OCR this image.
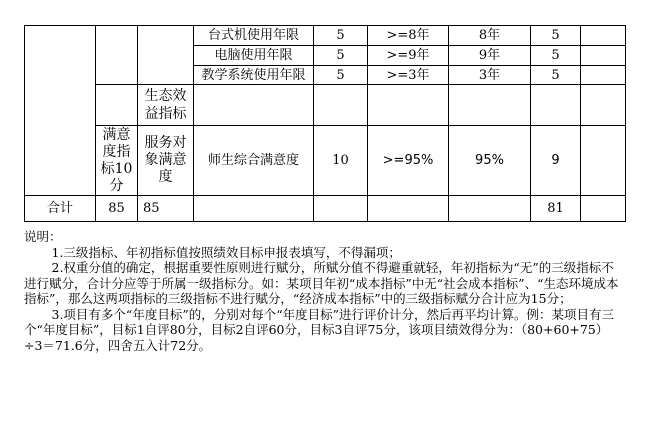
			台式机使用年限	5	>=8年	8年	5	
			电脑使用年限	5	>=9年	9年	5	
			教学系统使用年限	5	>=3年	3年	5	
		生态效益指标						
	满意度指标10分	服务对象满意度	师生综合满意度	10	>=95%	95%	9	
合计	85	85					81	

说明：

1.三级指标、年初指标值按照绩效目标申报表填写，不得漏项；

2.权重分值的确定，根据重要性原则进行赋分，所赋分值不得避重就轻，年初指标为“无”的三级指标不进行赋分，合计分应等于所属一级指标分。如：某项目年初“成本指标”中无“社会成本指标”、“生态环境成本指标”，那么这两项指标的三级指标不进行赋分，“经济成本指标”中的三级指标赋分合计应为15分；

3.项目有多个“年度目标”的，分别对每个“年度目标”进行评价计分，然后再平均计算。例：某项目有三个“年度目标”，目标1自评80分，目标2自评60分，目标3自评75分，该项目绩效得分为：（80+60+75）÷3＝71.6分，四舍五入计72分。
